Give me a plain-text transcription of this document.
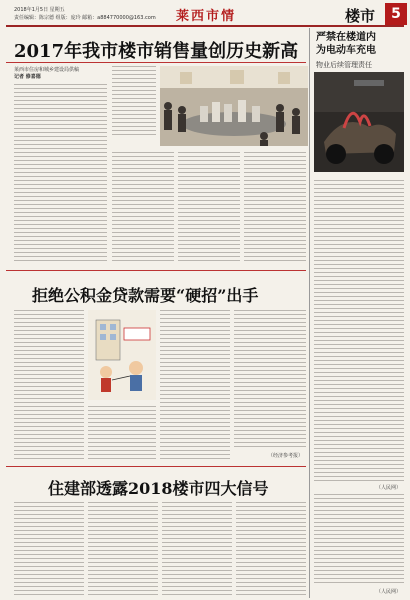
2018年1月5日 星期五
责任编辑：陈宗德 组版：庞玲 邮箱：a884770000@163.com 莱西市情	楼市	5
2017年我市楼市销售量创历史新高
莱西市住房和城乡建设局供稿
记者 修喜德
严禁在楼道内
为电动车充电
物业后续管理责任
（人民网）
（人民网）
拒绝公积金贷款需要“硬招”出手
（经济参考报）
住建部透露2018楼市四大信号
